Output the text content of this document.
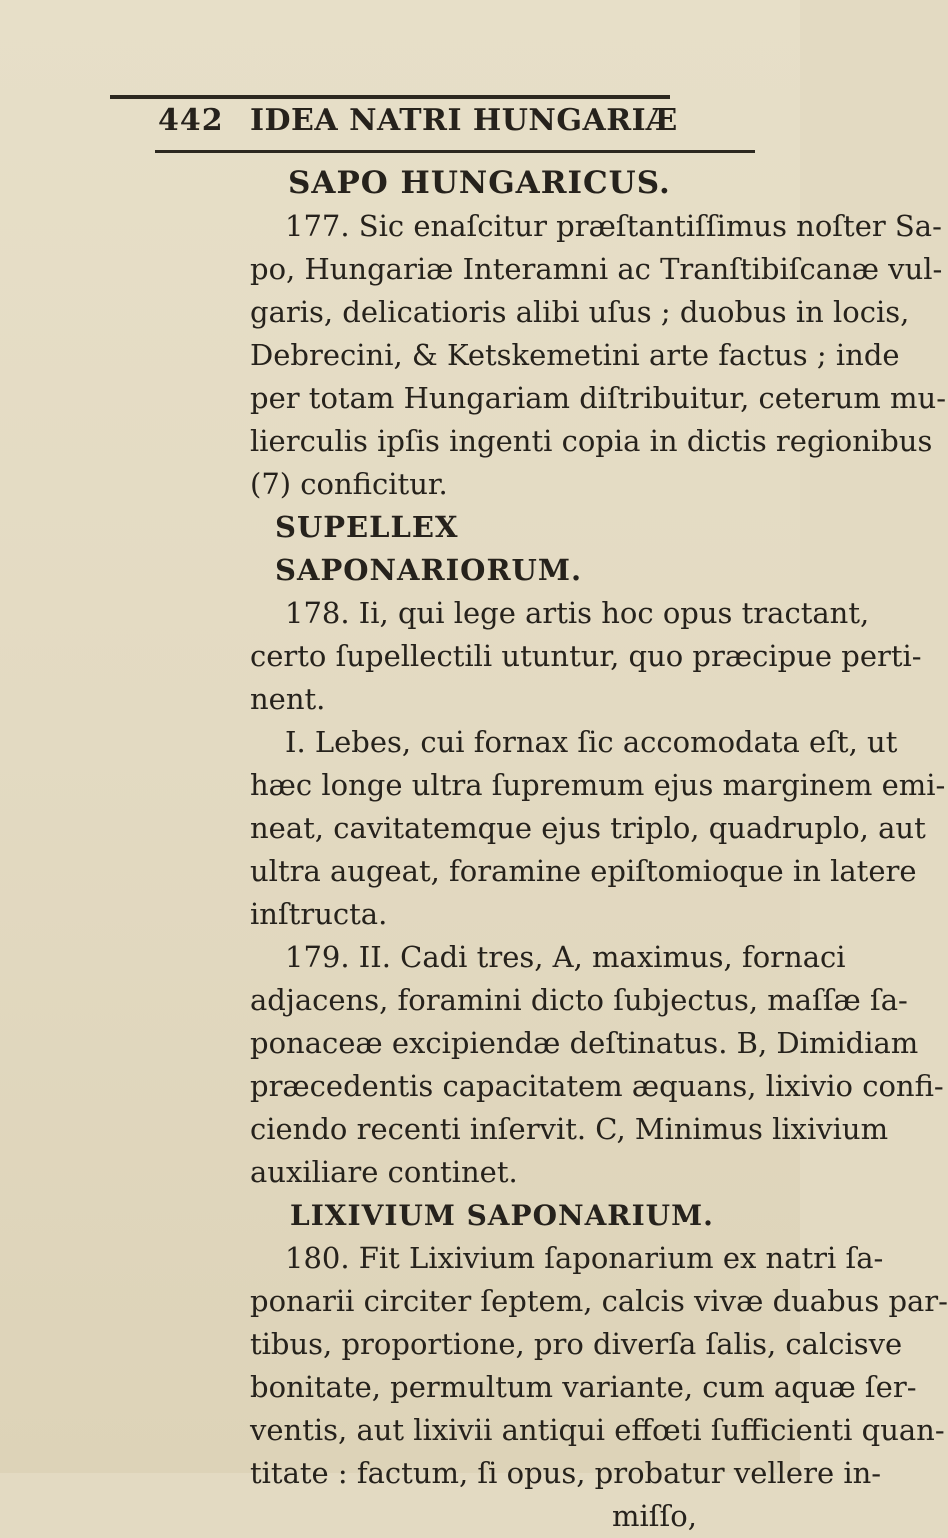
442 IDEA NATRI HUNGARIÆ
SAPO HUNGARICUS.
177. Sic enaſcitur præſtantiſſimus noſter Sa-
po, Hungariæ Interamni ac Tranſtibiſcanæ vul-
garis, delicatioris alibi uſus ; duobus in locis,
Debrecini, & Ketskemetini arte factus ; inde
per totam Hungariam diſtribuitur, ceterum mu-
lierculis ipſis ingenti copia in dictis regionibus
(7) conficitur.
SUPELLEX SAPONARIORUM.
178. Ii, qui lege artis hoc opus tractant,
certo ſupellectili utuntur, quo præcipue perti-
nent.
I. Lebes, cui fornax ſic accomodata eſt, ut
hæc longe ultra ſupremum ejus marginem emi-
neat, cavitatemque ejus triplo, quadruplo, aut
ultra augeat, foramine epiſtomioque in latere
inſtructa.
179. II. Cadi tres, A, maximus, fornaci
adjacens, foramini dicto ſubjectus, maſſæ ſa-
ponaceæ excipiendæ deſtinatus. B, Dimidiam
præcedentis capacitatem æquans, lixivio confi-
ciendo recenti inſervit. C, Minimus lixivium
auxiliare continet.
LIXIVIUM SAPONARIUM.
180. Fit Lixivium ſaponarium ex natri ſa-
ponarii circiter ſeptem, calcis vivæ duabus par-
tibus, proportione, pro diverſa ſalis, calcisve
bonitate, permultum variante, cum aquæ ſer-
ventis, aut lixivii antiqui effœti ſufficienti quan-
titate : factum, ſi opus, probatur vellere in-
miſſo,
